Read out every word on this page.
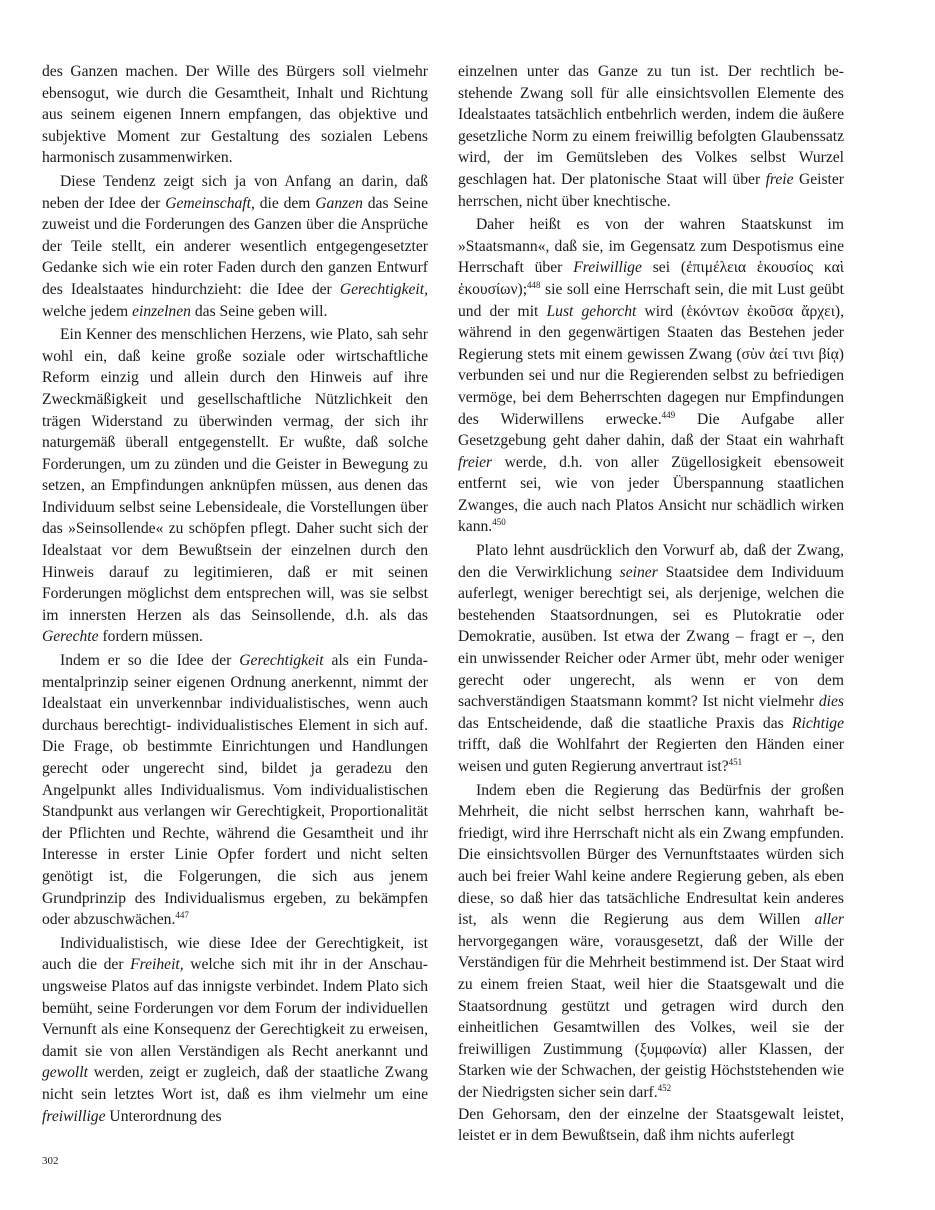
des Ganzen machen. Der Wille des Bürgers soll vielmehr ebensogut, wie durch die Gesamtheit, Inhalt und Richtung aus seinem eigenen Innern empfangen, das objektive und subjektive Moment zur Gestaltung des sozialen Lebens harmonisch zusammenwirken.

Diese Tendenz zeigt sich ja von Anfang an darin, daß neben der Idee der Gemeinschaft, die dem Ganzen das Seine zuweist und die Forderungen des Ganzen über die Ansprüche der Teile stellt, ein anderer wesentlich entgegengesetzter Gedanke sich wie ein roter Faden durch den ganzen Entwurf des Idealstaates hindurchzieht: die Idee der Gerechtigkeit, welche jedem einzelnen das Seine geben will.

Ein Kenner des menschlichen Herzens, wie Plato, sah sehr wohl ein, daß keine große soziale oder wirtschaftliche Reform einzig und allein durch den Hinweis auf ihre Zweckmäßigkeit und gesellschaftliche Nützlichkeit den trägen Widerstand zu überwinden vermag, der sich ihr naturgemäß überall entgegenstellt. Er wußte, daß solche Forderungen, um zu zünden und die Geister in Bewegung zu setzen, an Empfindungen anknüpfen müssen, aus denen das Individuum selbst seine Lebensideale, die Vorstellungen über das »Seinsollende« zu schöpfen pflegt. Daher sucht sich der Idealstaat vor dem Bewußtsein der einzelnen durch den Hinweis darauf zu legitimieren, daß er mit seinen Forderungen möglichst dem entsprechen will, was sie selbst im innersten Herzen als das Seinsollende, d.h. als das Gerechte fordern müssen.

Indem er so die Idee der Gerechtigkeit als ein Fundamentalprinzip seiner eigenen Ordnung anerkennt, nimmt der Idealstaat ein unverkennbar individualistisches, wenn auch durchaus berechtigt- individualistisches Element in sich auf. Die Frage, ob bestimmte Einrichtungen und Handlungen gerecht oder ungerecht sind, bildet ja geradezu den Angelpunkt alles Individualismus. Vom individualistischen Standpunkt aus verlangen wir Gerechtigkeit, Proportionalität der Pflichten und Rechte, während die Gesamtheit und ihr Interesse in erster Linie Opfer fordert und nicht selten genötigt ist, die Folgerungen, die sich aus jenem Grundprinzip des Individualismus ergeben, zu bekämpfen oder abzuschwächen.$^{447}$

Individualistisch, wie diese Idee der Gerechtigkeit, ist auch die der Freiheit, welche sich mit ihr in der Anschauungsweise Platos auf das innigste verbindet. Indem Plato sich bemüht, seine Forderungen vor dem Forum der individuellen Vernunft als eine Konsequenz der Gerechtigkeit zu erweisen, damit sie von allen Verständigen als Recht anerkannt und gewollt werden, zeigt er zugleich, daß der staatliche Zwang nicht sein letztes Wort ist, daß es ihm vielmehr um eine freiwillige Unterordnung des

einzelnen unter das Ganze zu tun ist. Der rechtlich bestehende Zwang soll für alle einsichtsvollen Elemente des Idealstaates tatsächlich entbehrlich werden, indem die äußere gesetzliche Norm zu einem freiwillig befolgten Glaubenssatz wird, der im Gemütsleben des Volkes selbst Wurzel geschlagen hat. Der platonische Staat will über freie Geister herrschen, nicht über knechtische.

Daher heißt es von der wahren Staatskunst im »Staatsmann«, daß sie, im Gegensatz zum Despotismus eine Herrschaft über Freiwillige sei (ἐπιμέλεια ἑκουσίος καὶ ἑκουσίων);$^{448}$ sie soll eine Herrschaft sein, die mit Lust geübt und der mit Lust gehorcht wird (ἑκόντων ἑκοῦσα ἄρχει), während in den gegenwärtigen Staaten das Bestehen jeder Regierung stets mit einem gewissen Zwang (σὺν ἀεί τινι βίᾳ) verbunden sei und nur die Regierenden selbst zu befriedigen vermöge, bei dem Beherrschten dagegen nur Empfindungen des Widerwillens erwecke.$^{449}$ Die Aufgabe aller Gesetzgebung geht daher dahin, daß der Staat ein wahrhaft freier werde, d.h. von aller Zügellosigkeit ebensoweit entfernt sei, wie von jeder Überspannung staatlichen Zwanges, die auch nach Platos Ansicht nur schädlich wirken kann.$^{450}$

Plato lehnt ausdrücklich den Vorwurf ab, daß der Zwang, den die Verwirklichung seiner Staatsidee dem Individuum auferlegt, weniger berechtigt sei, als derjenige, welchen die bestehenden Staatsordnungen, sei es Plutokratie oder Demokratie, ausüben. Ist etwa der Zwang – fragt er –, den ein unwissender Reicher oder Armer übt, mehr oder weniger gerecht oder ungerecht, als wenn er von dem sachverständigen Staatsmann kommt? Ist nicht vielmehr dies das Entscheidende, daß die staatliche Praxis das Richtige trifft, daß die Wohlfahrt der Regierten den Händen einer weisen und guten Regierung anvertraut ist?$^{451}$

Indem eben die Regierung das Bedürfnis der großen Mehrheit, die nicht selbst herrschen kann, wahrhaft befriedigt, wird ihre Herrschaft nicht als ein Zwang empfunden. Die einsichtsvollen Bürger des Vernunftstaates würden sich auch bei freier Wahl keine andere Regierung geben, als eben diese, so daß hier das tatsächliche Endresultat kein anderes ist, als wenn die Regierung aus dem Willen aller hervorgegangen wäre, vorausgesetzt, daß der Wille der Verständigen für die Mehrheit bestimmend ist. Der Staat wird zu einem freien Staat, weil hier die Staatsgewalt und die Staatsordnung gestützt und getragen wird durch den einheitlichen Gesamtwillen des Volkes, weil sie der freiwilligen Zustimmung (ξυμφωνία) aller Klassen, der Starken wie der Schwachen, der geistig Höchststehenden wie der Niedrigsten sicher sein darf.$^{452}$

Den Gehorsam, den der einzelne der Staatsgewalt leistet, leistet er in dem Bewußtsein, daß ihm nichts auferlegt

302
